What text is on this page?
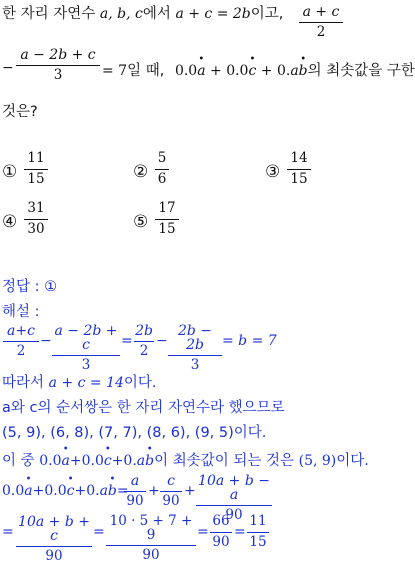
한 자리 자연수 a, b, c에서 a + c = 2b이고, a + c
2
−
a − 2b + c
3	= 7일 때, 0.0a
•
+ 0.0c
•
+ 0.ab
•
의 최솟값을 구한
것은?
①
11
15	②
5
6	③
14
15
④
31
30	⑤
17
15
정답 : ①
해설 :
a+c
2
−
a − 2b + c
3
=
2b
2
−
2b − 2b
3
= b = 7
따라서 a + c = 14이다.
a와 c의 순서쌍은 한 자리 자연수라 했으므로
(5, 9), (6, 8), (7, 7), (8, 6), (9, 5)이다.
이 중 0.0a
•
+0.0c
•
+0.ab
•
이 최솟값이 되는 것은 (5, 9)이다.
0.0a
•
+0.0c
•
+0.ab
•
=
a
90
+
c
90
+
10a + b − a
90
=
10a + b + c
90
=
10 · 5 + 7 + 9
90
=
66
90
=
11
15
